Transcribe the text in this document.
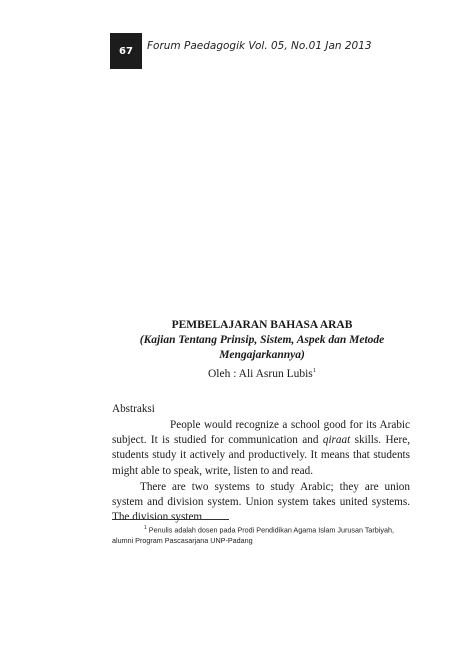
67	Forum Paedagogik Vol. 05, No.01 Jan 2013
PEMBELAJARAN BAHASA ARAB
(Kajian Tentang Prinsip, Sistem, Aspek dan Metode
Mengajarkannya)
Oleh : Ali Asrun Lubis$^1$
Abstraksi
People would recognize a school good for its Arabic subject. It is studied for communication and qiraat skills. Here, students study it actively and productively. It means that students might able to speak, write, listen to and read.
There are two systems to study Arabic; they are union system and division system. Union system takes united systems. The division system
$^1$ Penulis adalah dosen pada Prodi Pendidikan Agama Islam Jurusan Tarbiyah,
alumni Program Pascasarjana UNP-Padang
